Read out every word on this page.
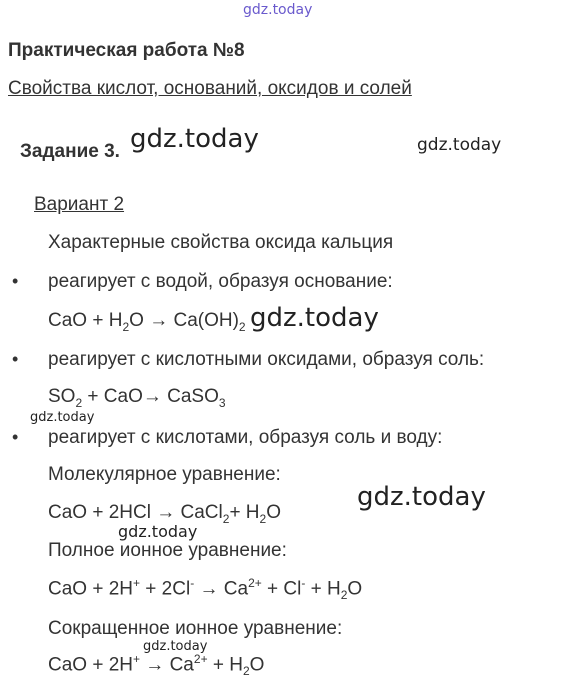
gdz.today
gdz.today	gdz.today
gdz.today
gdz.today
gdz.today
gdz.today
gdz.today
Практическая работа №8
Свойства кислот, оснований, оксидов и солей
Задание 3.
Вариант 2
Характерные свойства оксида кальция
• реагирует с водой, образуя основание:
CaO + $H_2O \to Ca(OH)_2$
• реагирует с кислотными оксидами, образуя соль:
$SO_2 + CaO\to$ CaSO$_3$
• реагирует с кислотами, образуя соль и воду:
Молекулярное уравнение:
CaO + 2HCl → CaCl$_2$+ $H_2O$
Полное ионное уравнение:
CaO + $2H^+ + 2Cl^- \to Ca^{2+} + Cl^- + H_2O$
Сокращенное ионное уравнение:
CaO + $2H^+ \to Ca^{2+} + H_2O$
